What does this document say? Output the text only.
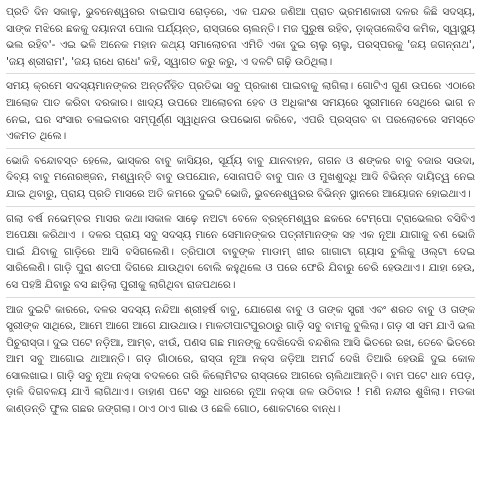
ପ୍ରତି ଦିନ ସକାଳୁ, ଭୁବନେଶ୍ୱରର ବାଇପାସ ରୋଡ଼ରେ, ଏକ ପନ୍ଦର ଜଣିଆ ପ୍ରାତ ଭ୍ରମଣକାରୀ ଦଳର କିଛି ସଦସ୍ୟ, ସାଙ୍କ ମଝିରେ ଛକକୁ ଦୟାନଦୀ ପୋଲ ପର୍ଯ୍ୟନ୍ତ, ରାସ୍ତାରେ ଚାଲନ୍ତି। ମଜ ପୁରୁଷ ରହିବ, ଡ଼ାକ୍ତାଲେବିସ କମିକ, ସ୍ୱାସ୍ଥ୍ୟ ଭଲ ରହିବ'- ଏଇ ଭଳି ଅନେକ ମହାନ କଥ୍ୟ ସମାଲୋଚନା ଏମିତି ଏକା ଦୁଇ ଚାଲୁ ଚାଲୁ, ପରସ୍ପରକୁ 'ଜୟ ଜଗନ୍ନାଥ', 'ଜୟ ଶ୍ରୀରାମ', 'ଜୟ ରାଧେ ରାଧେ' କହି, ସ୍ୱାଗତ କରୁ କରୁ, ଏ ଦଳଟି ଗଢ଼ି ଉଠିଥିଲା।

ସମୟ କ୍ରମେ ସଦସ୍ୟମାନଙ୍କର ଅନ୍ତର୍ନିହିତ ପ୍ରତିଭା ସବୁ ପ୍ରକାଶ ପାଇବାକୁ ଲାଗିଲା। ଗୋଟିଏ ଗୁଣ ଉପରେ ଏଠାରେ ଆଲୋକ ପାତ କରିବା ଦରକାର। ଖାଦ୍ୟ ଉପରେ ଆଲୋଚନା ହେବ ଓ ଅଧିକାଂଶ ସମୟରେ ସ୍ତ୍ରୀମାନେ ସେଥିରେ ଭାଗ ନ ନେଇ, ଘର ସଂସାର ଚଳାଇବାର ସମ୍ପୂର୍ଣ୍ଣ ସ୍ୱାଧିନତା ଉପଭୋଗ କରିବେ, ଏପରି ପ୍ରସ୍ତାବ ବା ପରଲୋଚରେ ସମସ୍ତେ ଏକମତ ଥିଲେ।

ଭୋଜି ବନ୍ଦୋବସ୍ତ ହେଲେ, ଭାସ୍କର ବାବୁ କାସିୟର, ସୂର୍ଯ୍ୟ ବାବୁ ଯାନବାହନ, ଗଗନ ଓ ଶଙ୍କର ବାବୁ ବଜାର ସଉଦା, ଦିବ୍ୟ ବାବୁ ମନୋରଞ୍ଜନ, ମଶ୍ୱାନ୍ତି ବାବୁ ଉପଯୋନ, ସୋନାପତି ବାବୁ ପାନ ଓ ମୁଖଶୁଦ୍ଧି ଆଦି ବିଭିନ୍ନ ଦାୟିତ୍ୱ ନେଇ ଯାଇ ଥିବାରୁ, ପ୍ରାୟ ପ୍ରତି ମାସରେ ଅତି କମରେ ଦୁଇଟି ଭୋଜି, ଭୁବନେଶ୍ୱରର ବିଭିନ୍ନ ସ୍ଥାନରେ ଆୟୋଜନ ହୋଇଥାଏ।

ଗଲା ବର୍ଷ ନଭେମ୍ବର ମାସର କଥା।ସକାଳ ସାଢ଼େ ନଅଟା ବେଳେ ବ୍ରହ୍ମେଶ୍ୱର ଛକରେ ଟେମ୍ପୋ ଟ୍ରାଭେଲର ବସିବିଏ ଅପେକ୍ଷା କରିଥାଏ । ଦଳର ପ୍ରାୟ ସବୁ ସଦସ୍ୟ ମାନେ ସେମାନଙ୍କର ପତ୍ନୀମାନଙ୍କ ସହ ଏକ ନୂଆ ଯାଗାକୁ ବଣ ଭୋଜି ପାଇଁ ଯିବାକୁ ଗାଡ଼ିରେ ଆସି ବସିଗଲେଣି। ତ୍ରିପାଠୀ ବାବୁଙ୍କ ମାଡାମ୍ ଖୀର ଗାଗାଟା ଗ୍ୟାସ ଚୁଲିକୁ ଓଲ୍ଟା ଦେଇ ସାରିଲେଣି। ଗାଡ଼ି ପୁରା ଶତପୀ ଦିଗରେ ଯାଉଥିବା ବୋଲି କହୁଥିଲେ ଓ ପରେ ଫେରି ଯିବାରୁ ଚେରି ହେଉଥାଏ। ଯାହା ହେଉ, ସେ ପହଞ୍ଚି ଯିବାରୁ ବସ ଛାଡ଼ିଲା ପୁରୀକୁ ଲାଗିଥିବା ରାଜପଥରେ।

ଆଜ ଦୁଇଟି କାରରେ, ଦଳର ସଦସ୍ୟ ନନ୍ଦିଆ ଶ୍ରୀହର୍ଷ ବାବୁ, ଯୋଗେଶ ବାବୁ ଓ ତାଙ୍କ ସ୍ତ୍ରୀ ଏବଂ ଶରତ ବାବୁ ଓ ତାଙ୍କ ସ୍ତ୍ରୀଙ୍କ ସାଥିରେ, ଆମେ ଆଗେ ଆଗେ ଯାଉଥାଉ। ମାଳତୀପାଟପୁରଠାରୁ ଗାଡ଼ି ସବୁ ବାମକୁ ବୁଲିଲା। ଗଡ଼ ସୀ ସମ ଯାଏଁ ଭଲ ପିଚୁରାସ୍ତା। ଦୁଇ ପଟେ ନଡ଼ିଆ, ଆମ୍ବ, ଝାଉଁ, ପଣସ ଗଛ ମାନଙ୍କୁ ଦେଖିଦେଖି ବନ୍ଦଶିଲ ଆସି ଭିତରେ ରଖ, ତେବେ ଭିତରେ ଆମ ସବୁ ଆଗୋଇ ଥାଆନ୍ତି। ଗଡ଼ ଗାଁଠାରେ, ରାସ୍ତା ନୂଆ ନକ୍ସ ଜଡ଼ିଆ ଅମର୍ଦ୍ଦ ଦେଖି ତିଆରି ହେଉଛି ଦୁଇ କୋଳ ସୋଲଖାଇ। ଗାଡ଼ି ସବୁ ନୂଆ ନକ୍ସା ବଦଳରେ ତାରି କିଲୋମିଟର ରାସ୍ତାରେ ଆଗରେ ଚାଲିଥାଆନ୍ତି। ବାମ ପଟେ ଧାନ ପେଡ଼, ଡ଼ାଳି ଦିଗବଳୟ ଯାଏଁ ଲାଗିଥାଏ। ଡାହାଣ ପଟେ ସରୁ ଧାରରେ ନୂଆ ନକ୍ସା ଜଳ ଉଠିବାର ! ମଣି ନନ୍ଦୀର ଶୁଖିଲା। ମଡକା କାଣ୍ଡନ୍ତି ଫୁଲ ଗଛର ଜଙ୍ଗଲା। ଠାଏ ଠାଏ ଗାଈ ଓ ଛେଳି ଗୋଠ, ଶୋକଟାରେ ବାନ୍ଧ।
